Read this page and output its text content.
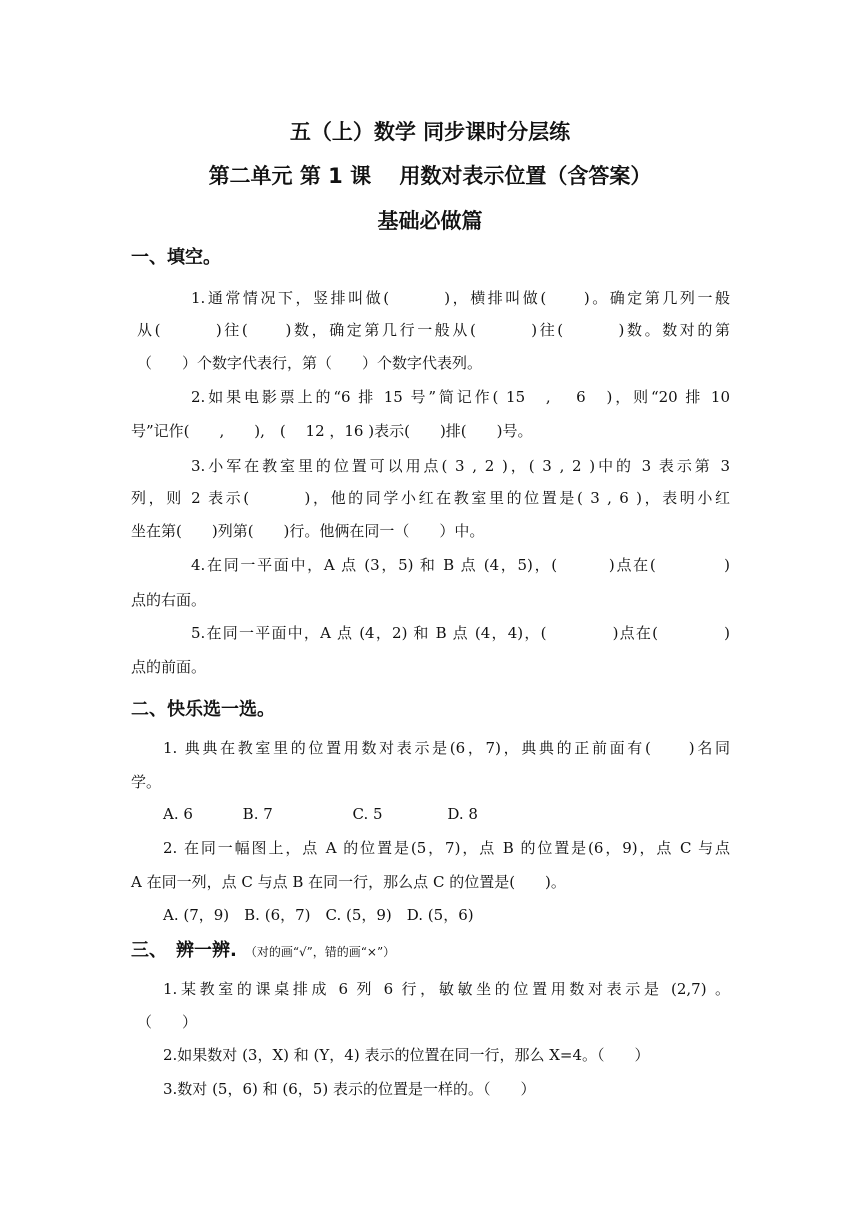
五（上）数学 同步课时分层练
第二单元 第 1 课　 用数对表示位置（含答案）
基础必做篇
一、填空。
1.通常情况下，竖排叫做(　　　)，横排叫做(　　)。确定第几列一般
从(　　　)往(　　)数，确定第几行一般从(　　　)往(　　　)数。数对的第
（　　）个数字代表行，第（　　）个数字代表列。
2.如果电影票上的“6 排 15 号”简记作( 15　, 　6　)，则“20 排 10
号”记作(　　,　　),　( 　12 ，16 )表示(　　)排(　　)号。
3.小军在教室里的位置可以用点( 3 , 2 )，( 3 , 2 )中的 3 表示第 3
列，则 2 表示(　　　)，他的同学小红在教室里的位置是( 3 , 6 )，表明小红
坐在第(　　)列第(　　)行。他俩在同一（　　）中。
4.在同一平面中，A 点 (3，5) 和 B 点 (4，5)，(　　　)点在(　　　　)
点的右面。
5.在同一平面中，A 点 (4，2) 和 B 点 (4，4)，(　　　　)点在(　　　　)
点的前面。
二、快乐选一选。
1. 典典在教室里的位置用数对表示是(6，7)，典典的正前面有(　　)名同
学。
A. 6　　　 B. 7　　　　　 C. 5　　　　 D. 8
2. 在同一幅图上，点 A 的位置是(5，7)，点 B 的位置是(6，9)，点 C 与点
A 在同一列，点 C 与点 B 在同一行，那么点 C 的位置是(　　)。
A. (7，9)　B. (6，7)　C. (5，9)　D. (5，6)
三、　辨一辨. （对的画“√”，错的画“×”）
1.某教室的课桌排成 6 列 6 行，敏敏坐的位置用数对表示是 (2,7) 。
（　　）
2.如果数对 (3，X) 和 (Y，4) 表示的位置在同一行，那么 X=4。（　　）
3.数对 (5，6) 和 (6，5) 表示的位置是一样的。（　　）
